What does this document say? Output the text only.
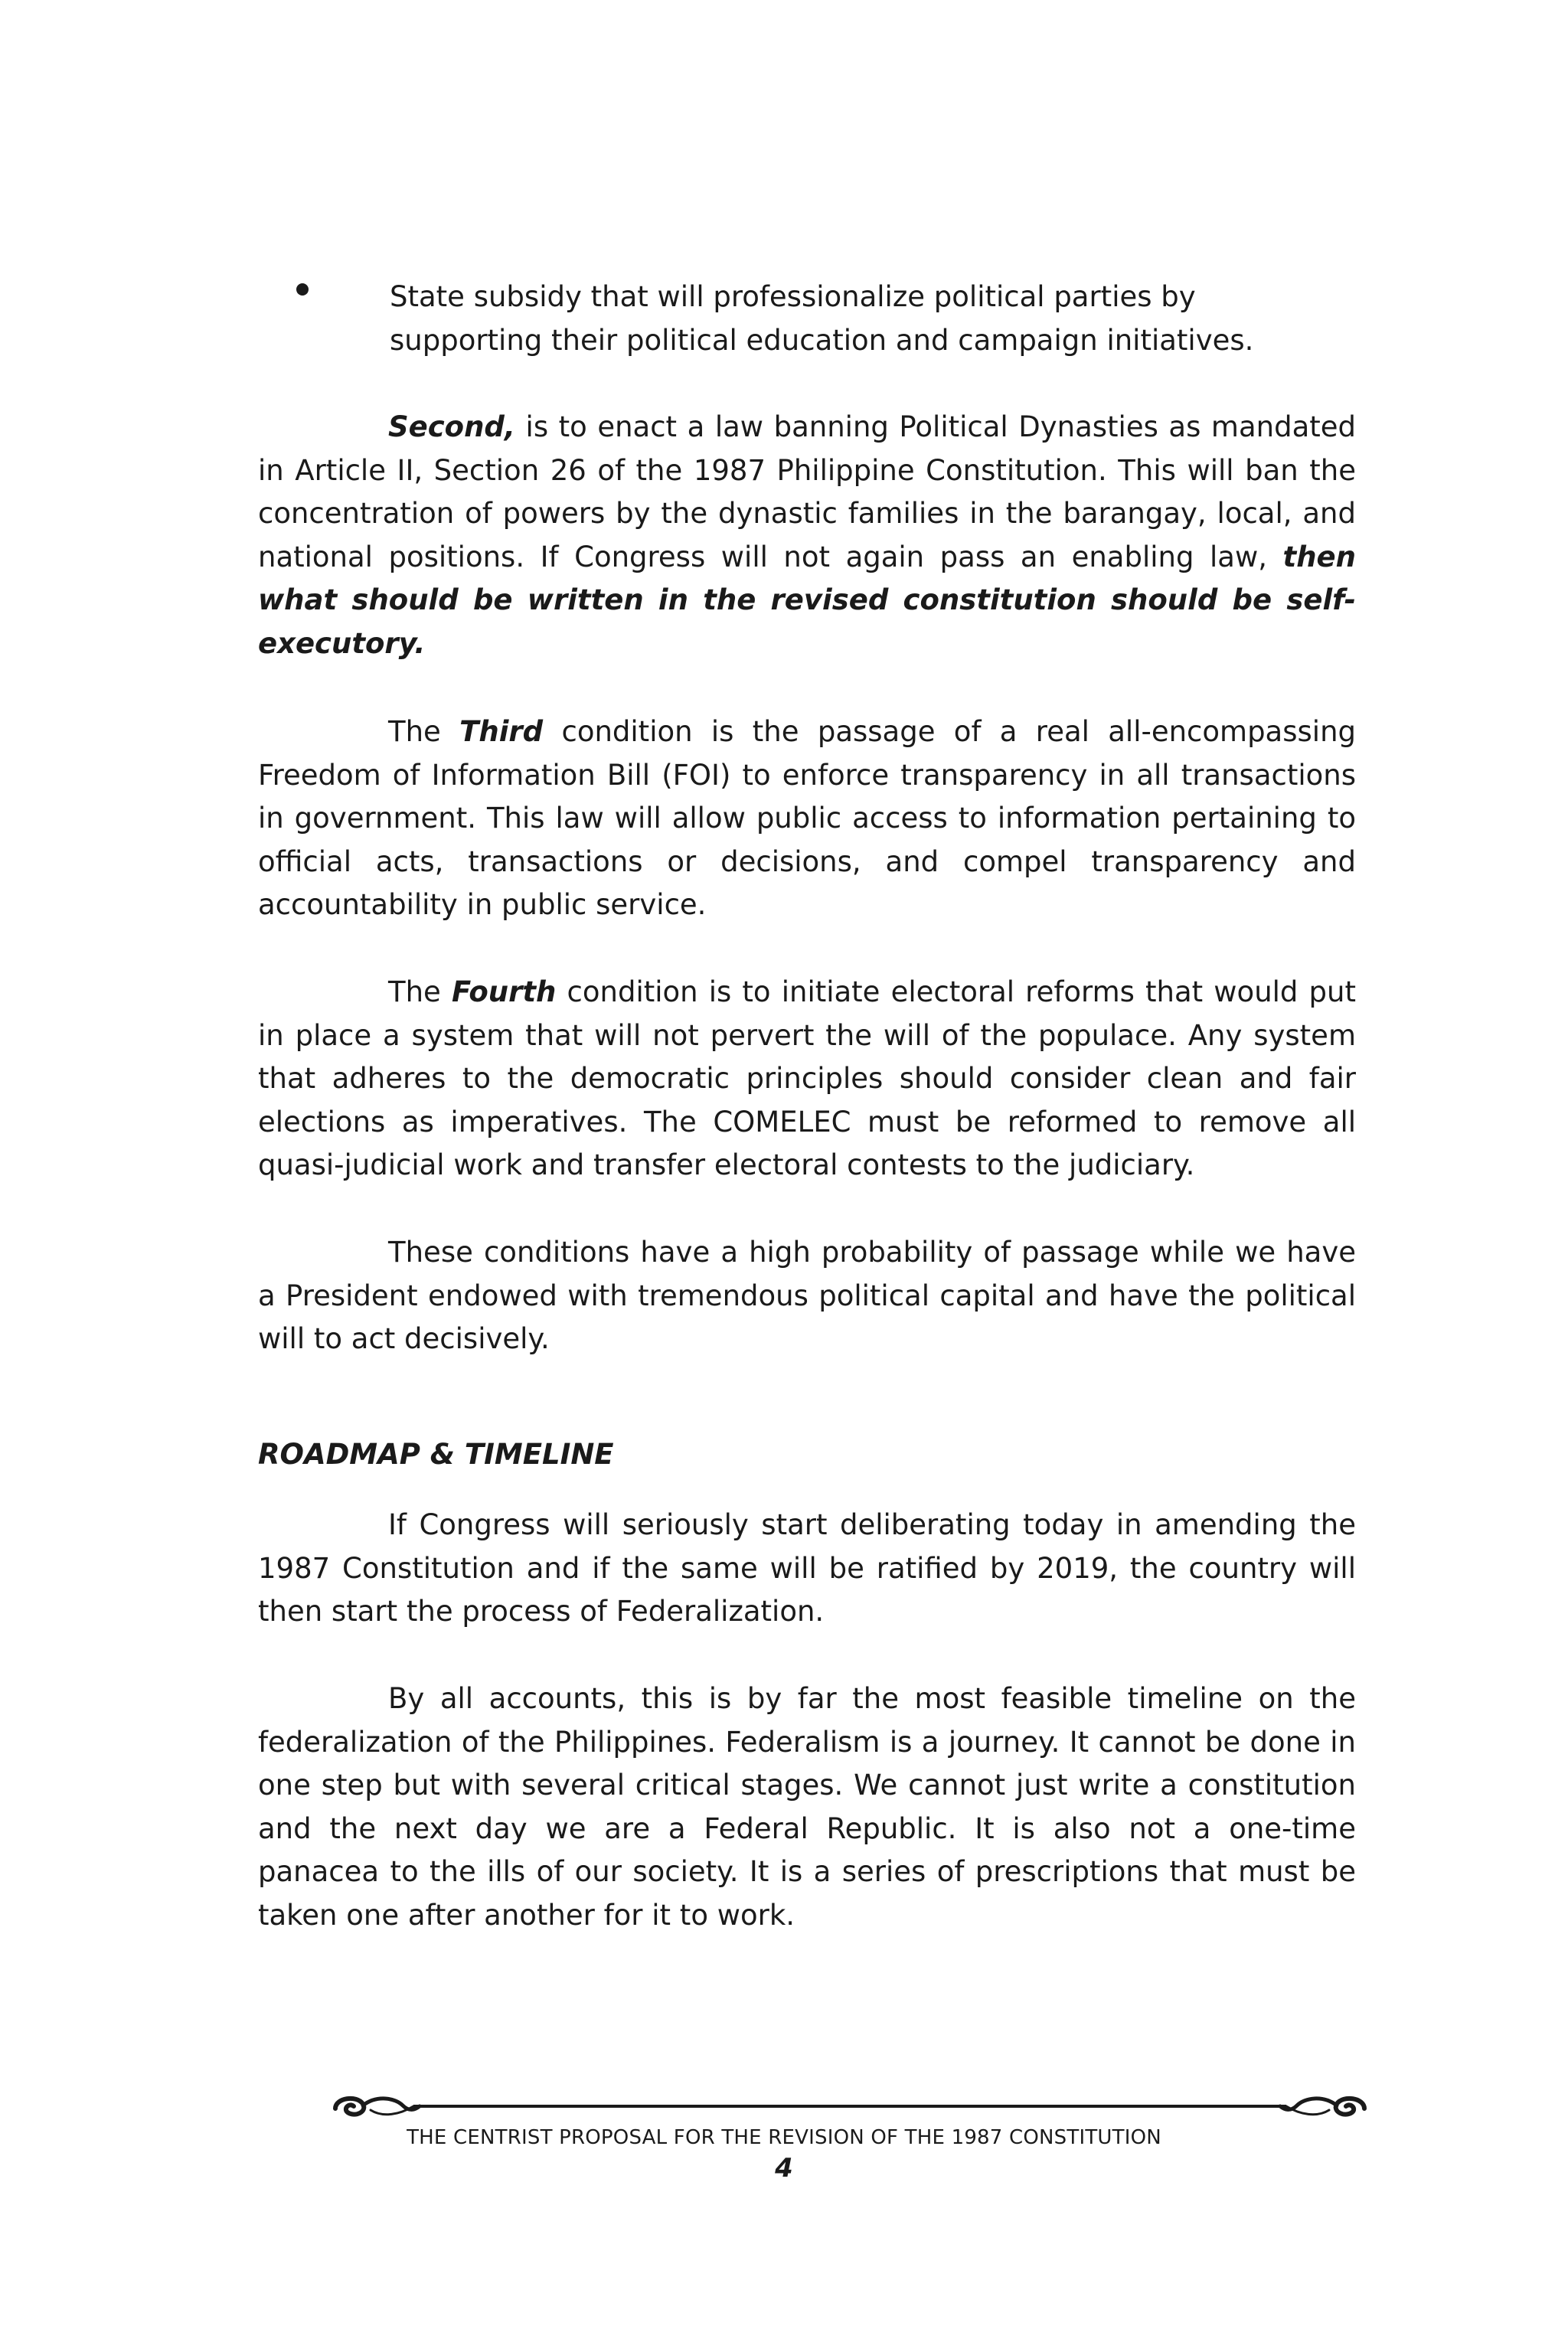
State subsidy that will professionalize political parties by supporting their political education and campaign initiatives.

Second, is to enact a law banning Political Dynasties as mandated in Article II, Section 26 of the 1987 Philippine Constitution. This will ban the concentration of powers by the dynastic families in the barangay, local, and national positions. If Congress will not again pass an enabling law, then what should be written in the revised constitution should be self-executory.

The Third condition is the passage of a real all-encompassing Freedom of Information Bill (FOI) to enforce transparency in all transactions in government. This law will allow public access to information pertaining to official acts, transactions or decisions, and compel transparency and accountability in public service.

The Fourth condition is to initiate electoral reforms that would put in place a system that will not pervert the will of the populace. Any system that adheres to the democratic principles should consider clean and fair elections as imperatives. The COMELEC must be reformed to remove all quasi-judicial work and transfer electoral contests to the judiciary.

These conditions have a high probability of passage while we have a President endowed with tremendous political capital and have the political will to act decisively.

ROADMAP & TIMELINE

If Congress will seriously start deliberating today in amending the 1987 Constitution and if the same will be ratified by 2019, the country will then start the process of Federalization.

By all accounts, this is by far the most feasible timeline on the federalization of the Philippines. Federalism is a journey. It cannot be done in one step but with several critical stages. We cannot just write a constitution and the next day we are a Federal Republic. It is also not a one-time panacea to the ills of our society. It is a series of prescriptions that must be taken one after another for it to work.

THE CENTRIST PROPOSAL FOR THE REVISION OF THE 1987 CONSTITUTION
4
